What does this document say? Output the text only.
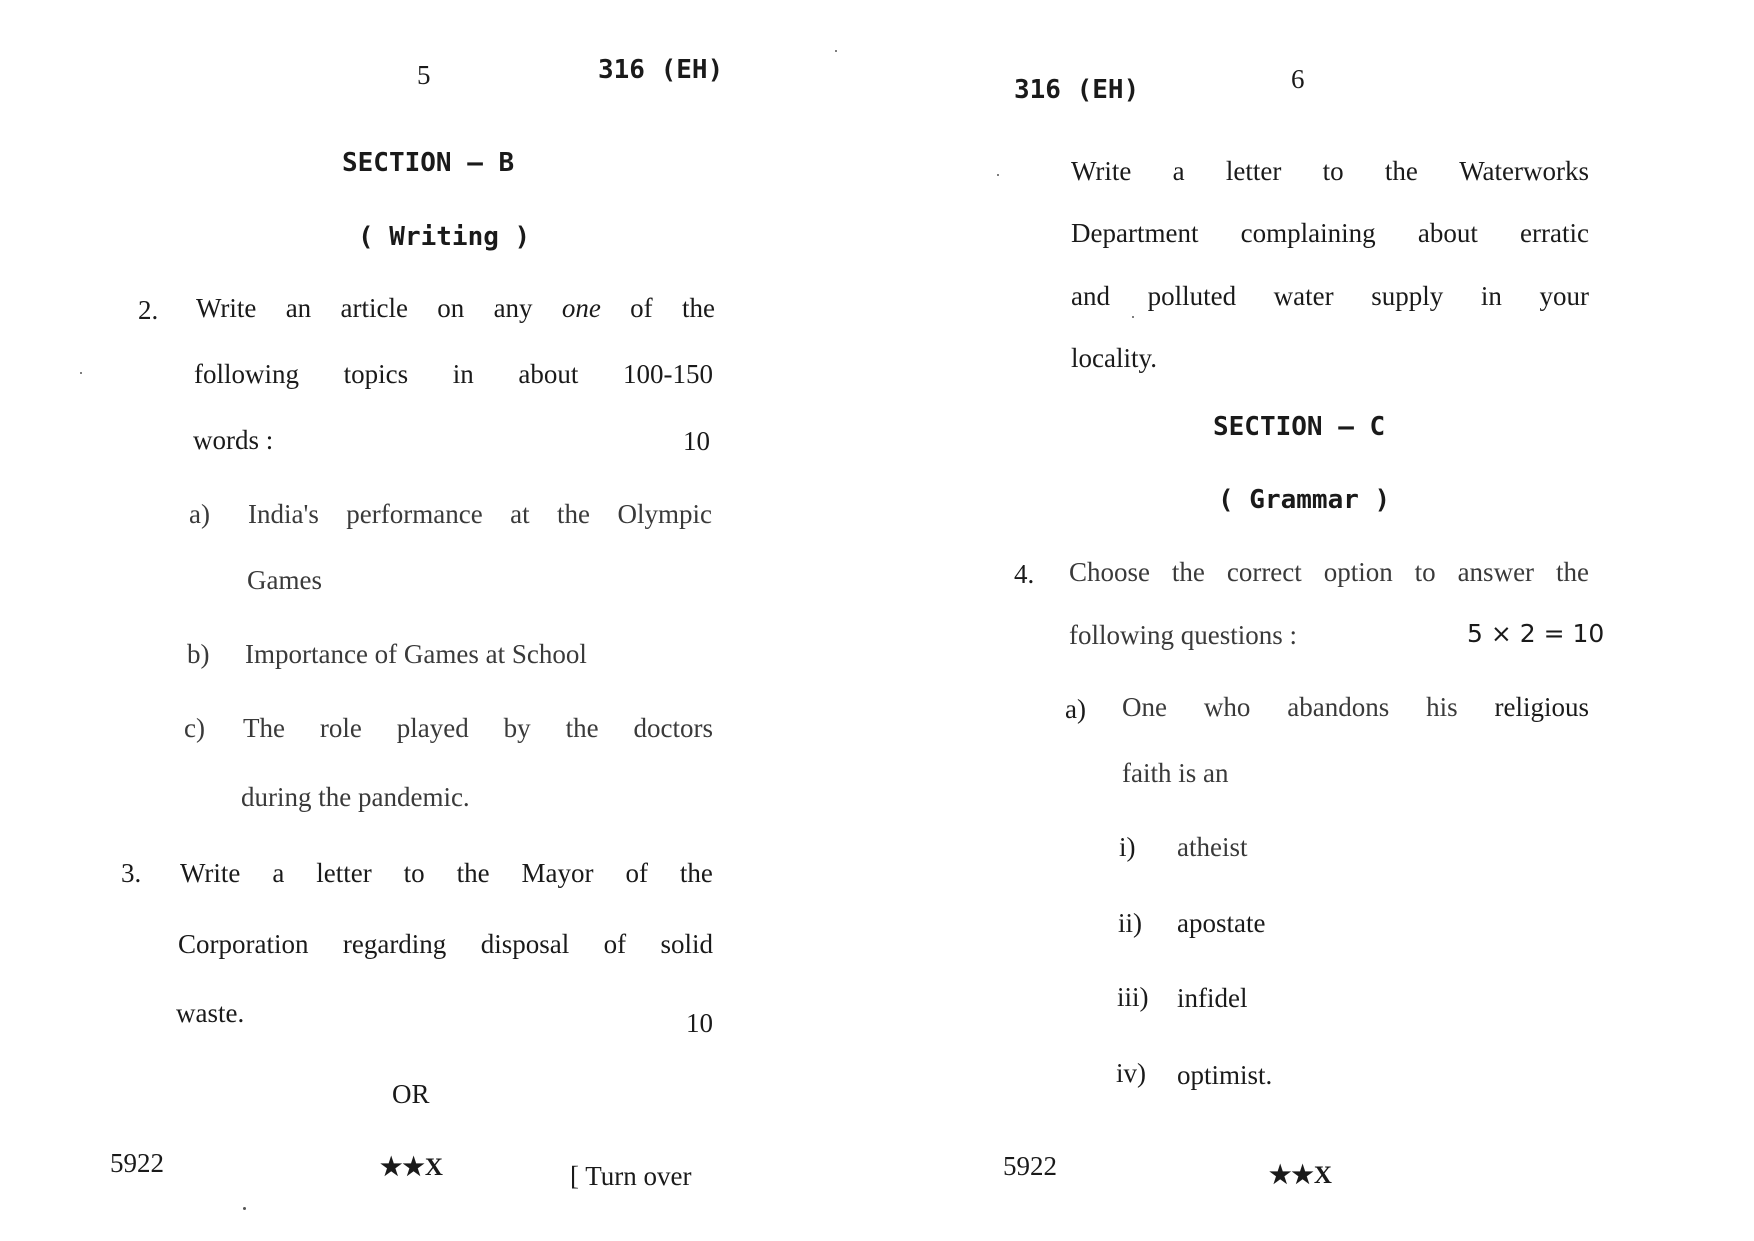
5	316 (EH)
SECTION – B
( Writing )
2. Write an article on any one of the
following topics in about 100-150
words :	10
a) India's performance at the Olympic
Games
b) Importance of Games at School
c) The role played by the doctors
during the pandemic.
3. Write a letter to the Mayor of the
Corporation regarding disposal of solid
waste.	10
OR
5922	★★X	[ Turn over
316 (EH)	6
Write a letter to the Waterworks
Department complaining about erratic
and polluted water supply in your
locality.
SECTION – C
( Grammar )
4. Choose the correct option to answer the
following questions :	5 × 2 = 10
a) One who abandons his religious
faith is an
i) atheist
ii) apostate
iii) infidel
iv) optimist.
5922	★★X
